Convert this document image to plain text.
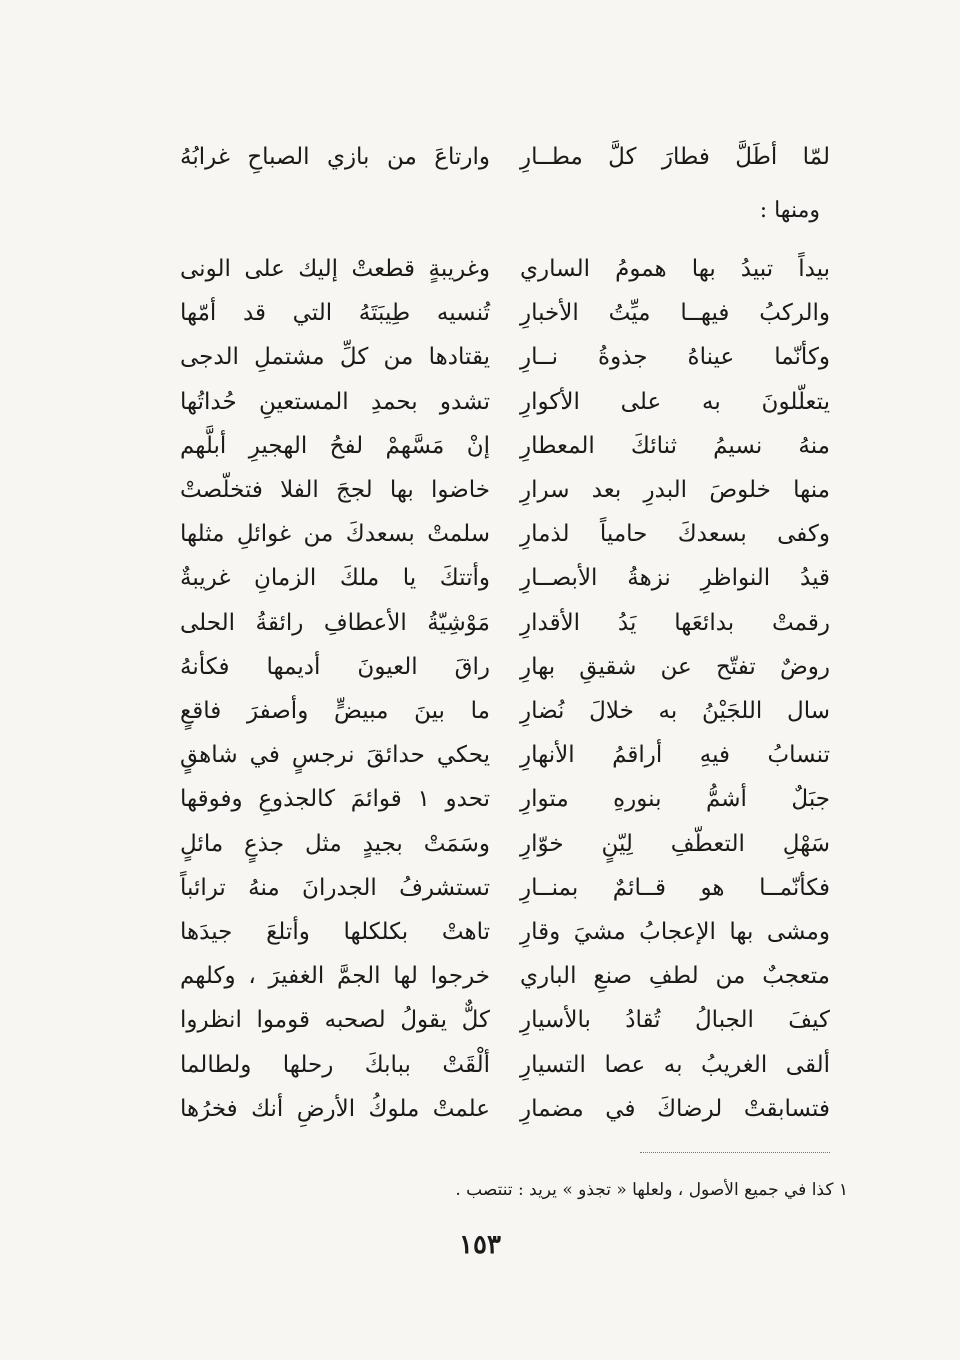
وارتاعَ من بازي الصباحِ غرابُهُ لمّا أطَلَّ فطارَ كلَّ مطــارِ
ومنها :
وغريبةٍ قطعتْ إليك على الونى بيداً تبيدُ بها همومُ الساري
تُنسيه طِيبَتَهُ التي قد أمّها والركبُ فيهــا ميِّتُ الأخبارِ
يقتادها من كلِّ مشتملِ الدجى وكأنّما عيناهُ جذوةُ نــارِ
تشدو بحمدِ المستعينِ حُداتُها يتعلّلونَ به على الأكوارِ
إنْ مَسَّهمْ لفحُ الهجيرِ أبلَّهم منهُ نسيمُ ثنائكَ المعطارِ
خاضوا بها لججَ الفلا فتخلّصتْ منها خلوصَ البدرِ بعد سرارِ
سلمتْ بسعدكَ من غوائلِ مثلها وكفى بسعدكَ حامياً لذمارِ
وأتتكَ يا ملكَ الزمانِ غريبةٌ قيدُ النواظرِ نزهةُ الأبصــارِ
مَوْشِيّةُ الأعطافِ رائقةُ الحلى رقمتْ بدائعَها يَدُ الأقدارِ
راقَ العيونَ أديمها فكأنهُ روضٌ تفتّح عن شقيقِ بهارِ
ما بينَ مبيضٍّ وأصفرَ فاقعٍ سال اللجَيْنُ به خلالَ نُضارِ
يحكي حدائقَ نرجسٍ في شاهقٍ تنسابُ فيهِ أراقمُ الأنهارِ
تحدو ١ قوائمَ كالجذوعِ وفوقها جبَلٌ أشمُّ بنورهِ متوارِ
وسَمَتْ بجيدٍ مثل جذعٍ مائلٍ سَهْلِ التعطّفِ لِيّنٍ خوّارِ
تستشرفُ الجدرانَ منهُ ترائباً فكأنّمــا هو قــائمٌ بمنــارِ
تاهتْ بكلكلها وأتلعَ جيدَها ومشى بها الإعجابُ مشيَ وقارِ
خرجوا لها الجمَّ الغفيرَ ، وكلهم متعجبٌ من لطفِ صنعِ الباري
كلٌّ يقولُ لصحبه قوموا انظروا كيفَ الجبالُ تُقادُ بالأسيارِ
ألْقَتْ ببابكَ رحلها ولطالما ألقى الغريبُ به عصا التسيارِ
علمتْ ملوكُ الأرضِ أنك فخرُها فتسابقتْ لرضاكَ في مضمارِ
١ كذا في جميع الأصول ، ولعلها « تجذو » يريد : تنتصب .
١٥٣
